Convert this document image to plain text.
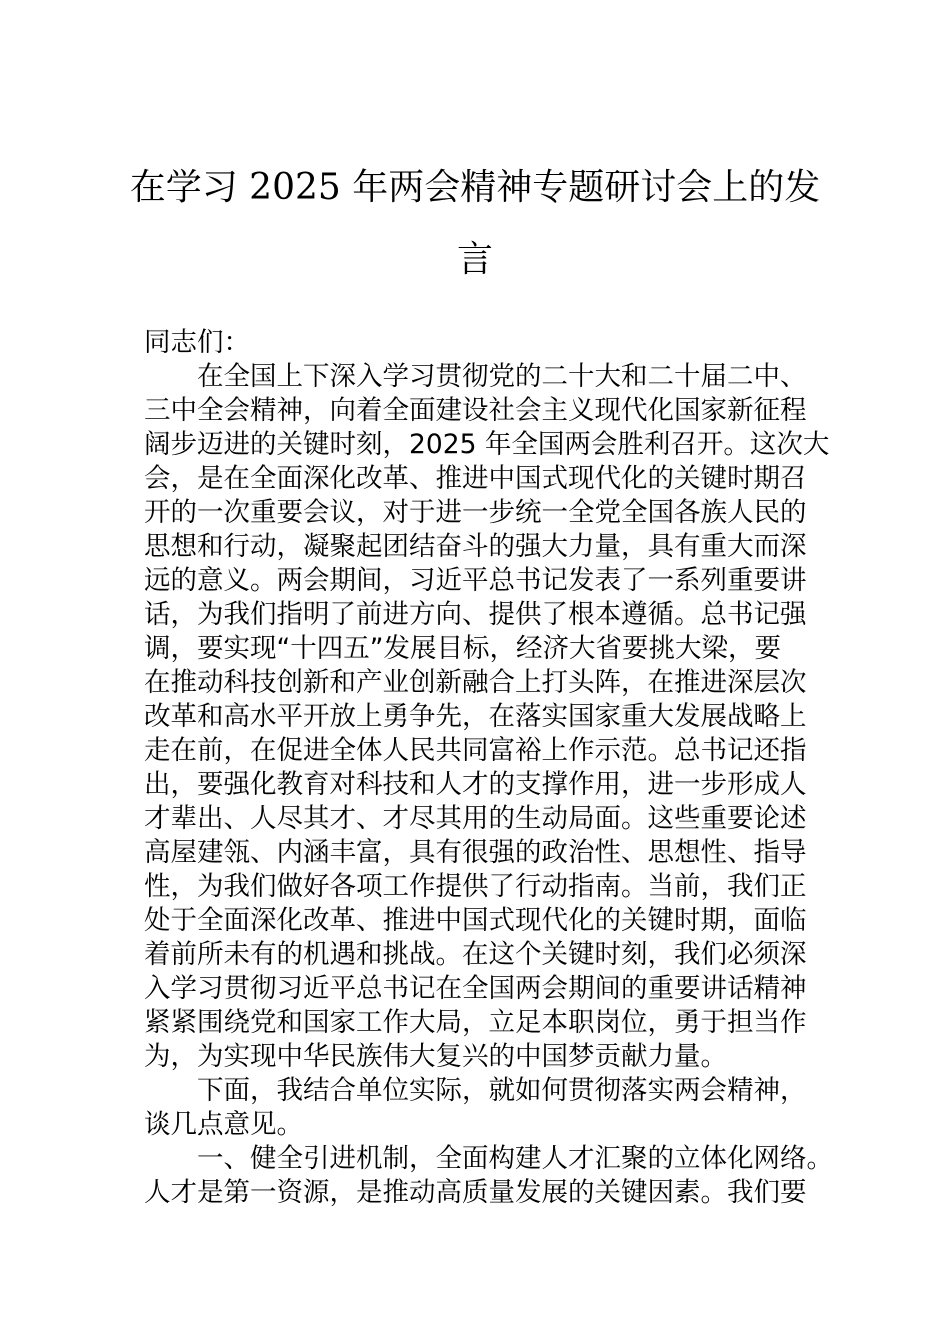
在学习 2025 年两会精神专题研讨会上的发
言
同志们：
　　在全国上下深入学习贯彻党的二十大和二十届二中、
三中全会精神，向着全面建设社会主义现代化国家新征程
阔步迈进的关键时刻，2025 年全国两会胜利召开。这次大
会，是在全面深化改革、推进中国式现代化的关键时期召
开的一次重要会议，对于进一步统一全党全国各族人民的
思想和行动，凝聚起团结奋斗的强大力量，具有重大而深
远的意义。两会期间，习近平总书记发表了一系列重要讲
话，为我们指明了前进方向、提供了根本遵循。总书记强
调，要实现“十四五”发展目标，经济大省要挑大梁，要
在推动科技创新和产业创新融合上打头阵，在推进深层次
改革和高水平开放上勇争先，在落实国家重大发展战略上
走在前，在促进全体人民共同富裕上作示范。总书记还指
出，要强化教育对科技和人才的支撑作用，进一步形成人
才辈出、人尽其才、才尽其用的生动局面。这些重要论述
高屋建瓴、内涵丰富，具有很强的政治性、思想性、指导
性，为我们做好各项工作提供了行动指南。当前，我们正
处于全面深化改革、推进中国式现代化的关键时期，面临
着前所未有的机遇和挑战。在这个关键时刻，我们必须深
入学习贯彻习近平总书记在全国两会期间的重要讲话精神
紧紧围绕党和国家工作大局，立足本职岗位，勇于担当作
为，为实现中华民族伟大复兴的中国梦贡献力量。
　　下面，我结合单位实际，就如何贯彻落实两会精神，
谈几点意见。
　　一、健全引进机制，全面构建人才汇聚的立体化网络。
人才是第一资源，是推动高质量发展的关键因素。我们要
